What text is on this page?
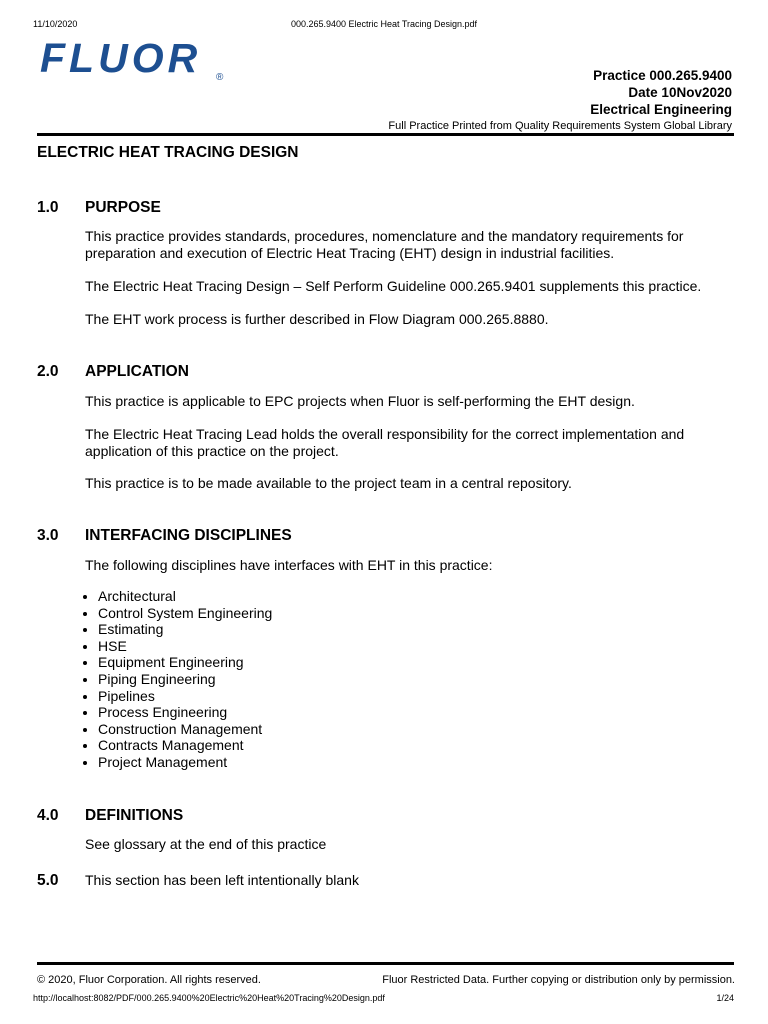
11/10/2020	000.265.9400 Electric Heat Tracing Design.pdf
FLUOR ®	Practice 000.265.9400
Date 10Nov2020
Electrical Engineering
Full Practice Printed from Quality Requirements System Global Library
ELECTRIC HEAT TRACING DESIGN
1.0 PURPOSE
This practice provides standards, procedures, nomenclature and the mandatory requirements for preparation and execution of Electric Heat Tracing (EHT) design in industrial facilities.
The Electric Heat Tracing Design – Self Perform Guideline 000.265.9401 supplements this practice.
The EHT work process is further described in Flow Diagram 000.265.8880.
2.0 APPLICATION
This practice is applicable to EPC projects when Fluor is self-performing the EHT design.
The Electric Heat Tracing Lead holds the overall responsibility for the correct implementation and application of this practice on the project.
This practice is to be made available to the project team in a central repository.
3.0 INTERFACING DISCIPLINES
The following disciplines have interfaces with EHT in this practice:
• Architectural
• Control System Engineering
• Estimating
• HSE
• Equipment Engineering
• Piping Engineering
• Pipelines
• Process Engineering
• Construction Management
• Contracts Management
• Project Management
4.0 DEFINITIONS
See glossary at the end of this practice
5.0 This section has been left intentionally blank
© 2020, Fluor Corporation. All rights reserved.	Fluor Restricted Data. Further copying or distribution only by permission.
http://localhost:8082/PDF/000.265.9400%20Electric%20Heat%20Tracing%20Design.pdf	1/24
